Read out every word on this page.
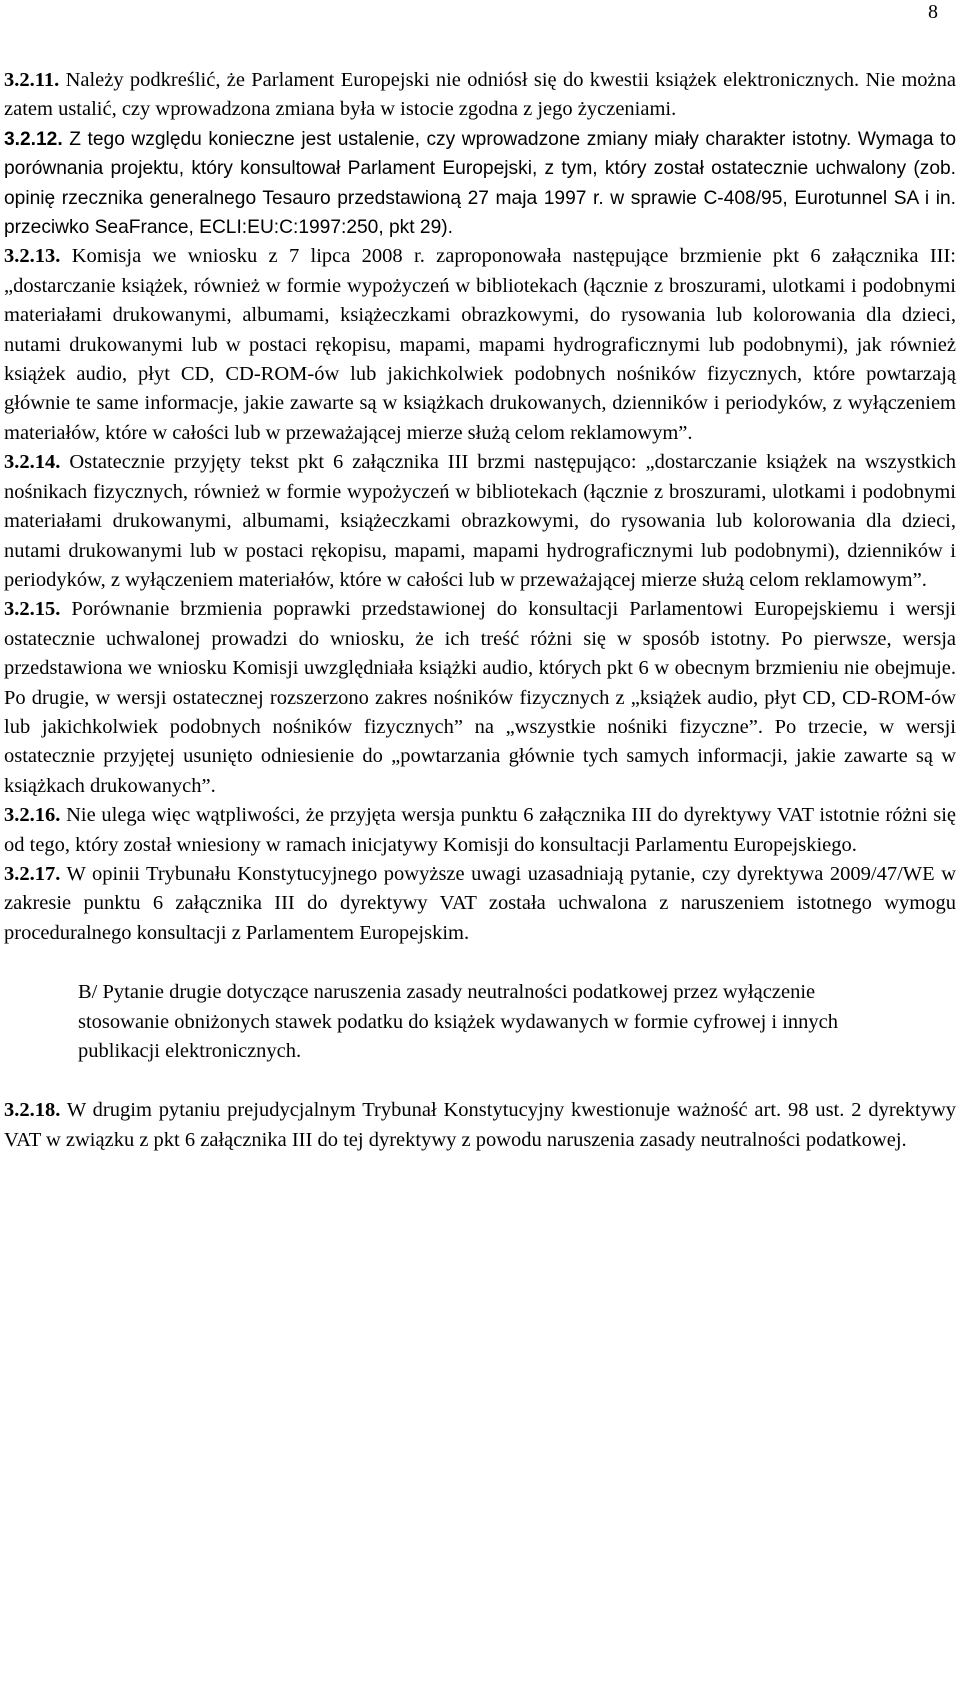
8

3.2.11. Należy podkreślić, że Parlament Europejski nie odniósł się do kwestii książek elektronicznych. Nie można zatem ustalić, czy wprowadzona zmiana była w istocie zgodna z jego życzeniami.

3.2.12. Z tego względu konieczne jest ustalenie, czy wprowadzone zmiany miały charakter istotny. Wymaga to porównania projektu, który konsultował Parlament Europejski, z tym, który został ostatecznie uchwalony (zob. opinię rzecznika generalnego Tesauro przedstawioną 27 maja 1997 r. w sprawie C-408/95, Eurotunnel SA i in. przeciwko SeaFrance, ECLI:EU:C:1997:250, pkt 29).

3.2.13. Komisja we wniosku z 7 lipca 2008 r. zaproponowała następujące brzmienie pkt 6 załącznika III: „dostarczanie książek, również w formie wypożyczeń w bibliotekach (łącznie z broszurami, ulotkami i podobnymi materiałami drukowanymi, albumami, książeczkami obrazkowymi, do rysowania lub kolorowania dla dzieci, nutami drukowanymi lub w postaci rękopisu, mapami, mapami hydrograficznymi lub podobnymi), jak również książek audio, płyt CD, CD-ROM-ów lub jakichkolwiek podobnych nośników fizycznych, które powtarzają głównie te same informacje, jakie zawarte są w książkach drukowanych, dzienników i periodyków, z wyłączeniem materiałów, które w całości lub w przeważającej mierze służą celom reklamowym”.

3.2.14. Ostatecznie przyjęty tekst pkt 6 załącznika III brzmi następująco: „dostarczanie książek na wszystkich nośnikach fizycznych, również w formie wypożyczeń w bibliotekach (łącznie z broszurami, ulotkami i podobnymi materiałami drukowanymi, albumami, książeczkami obrazkowymi, do rysowania lub kolorowania dla dzieci, nutami drukowanymi lub w postaci rękopisu, mapami, mapami hydrograficznymi lub podobnymi), dzienników i periodyków, z wyłączeniem materiałów, które w całości lub w przeważającej mierze służą celom reklamowym”.

3.2.15. Porównanie brzmienia poprawki przedstawionej do konsultacji Parlamentowi Europejskiemu i wersji ostatecznie uchwalonej prowadzi do wniosku, że ich treść różni się w sposób istotny. Po pierwsze, wersja przedstawiona we wniosku Komisji uwzględniała książki audio, których pkt 6 w obecnym brzmieniu nie obejmuje. Po drugie, w wersji ostatecznej rozszerzono zakres nośników fizycznych z „książek audio, płyt CD, CD-ROM-ów lub jakichkolwiek podobnych nośników fizycznych” na „wszystkie nośniki fizyczne”. Po trzecie, w wersji ostatecznie przyjętej usunięto odniesienie do „powtarzania głównie tych samych informacji, jakie zawarte są w książkach drukowanych”.

3.2.16. Nie ulega więc wątpliwości, że przyjęta wersja punktu 6 załącznika III do dyrektywy VAT istotnie różni się od tego, który został wniesiony w ramach inicjatywy Komisji do konsultacji Parlamentu Europejskiego.

3.2.17. W opinii Trybunału Konstytucyjnego powyższe uwagi uzasadniają pytanie, czy dyrektywa 2009/47/WE w zakresie punktu 6 załącznika III do dyrektywy VAT została uchwalona z naruszeniem istotnego wymogu proceduralnego konsultacji z Parlamentem Europejskim.

B/ Pytanie drugie dotyczące naruszenia zasady neutralności podatkowej przez wyłączenie stosowanie obniżonych stawek podatku do książek wydawanych w formie cyfrowej i innych publikacji elektronicznych.

3.2.18. W drugim pytaniu prejudycjalnym Trybunał Konstytucyjny kwestionuje ważność art. 98 ust. 2 dyrektywy VAT w związku z pkt 6 załącznika III do tej dyrektywy z powodu naruszenia zasady neutralności podatkowej.
